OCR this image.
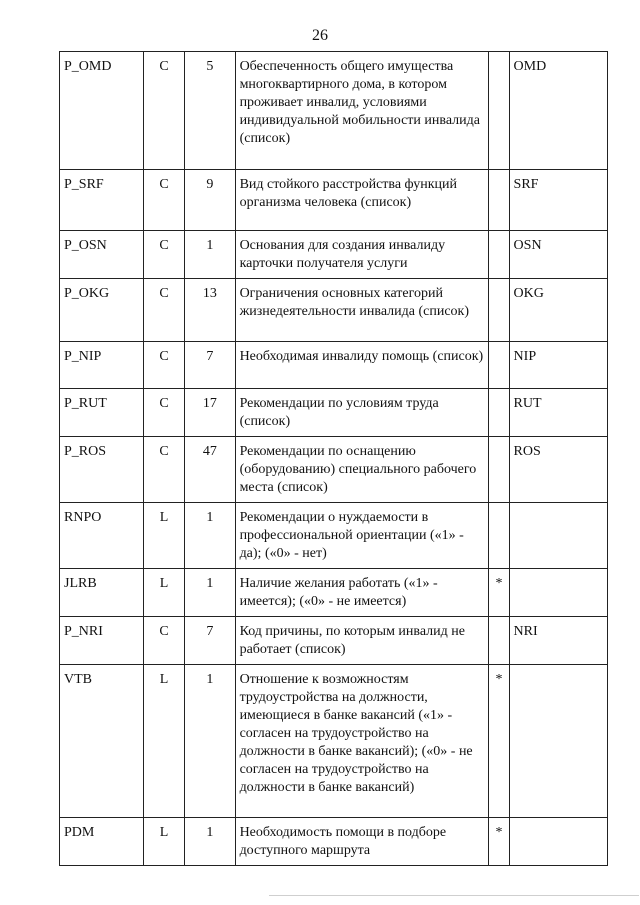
26
P_OMD	C	5	Обеспеченность общего имущества многоквартирного дома, в котором проживает инвалид, условиями индивидуальной мобильности инвалида (список)		OMD
P_SRF	C	9	Вид стойкого расстройства функций организма человека (список)		SRF
P_OSN	C	1	Основания для создания инвалиду карточки получателя услуги		OSN
P_OKG	C	13	Ограничения основных категорий жизнедеятельности инвалида (список)		OKG
P_NIP	C	7	Необходимая инвалиду помощь (список)		NIP
P_RUT	C	17	Рекомендации по условиям труда (список)		RUT
P_ROS	C	47	Рекомендации по оснащению (оборудованию) специального рабочего места (список)		ROS
RNPO	L	1	Рекомендации о нуждаемости в профессиональной ориентации («1» - да); («0» - нет)		
JLRB	L	1	Наличие желания работать («1» - имеется); («0» - не имеется)	*	
P_NRI	C	7	Код причины, по которым инвалид не работает (список)		NRI
VTB	L	1	Отношение к возможностям трудоустройства на должности, имеющиеся в банке вакансий («1» - согласен на трудоустройство на должности в банке вакансий); («0» - не согласен на трудоустройство на должности в банке вакансий)	*	
PDM	L	1	Необходимость помощи в подборе доступного маршрута	*	
